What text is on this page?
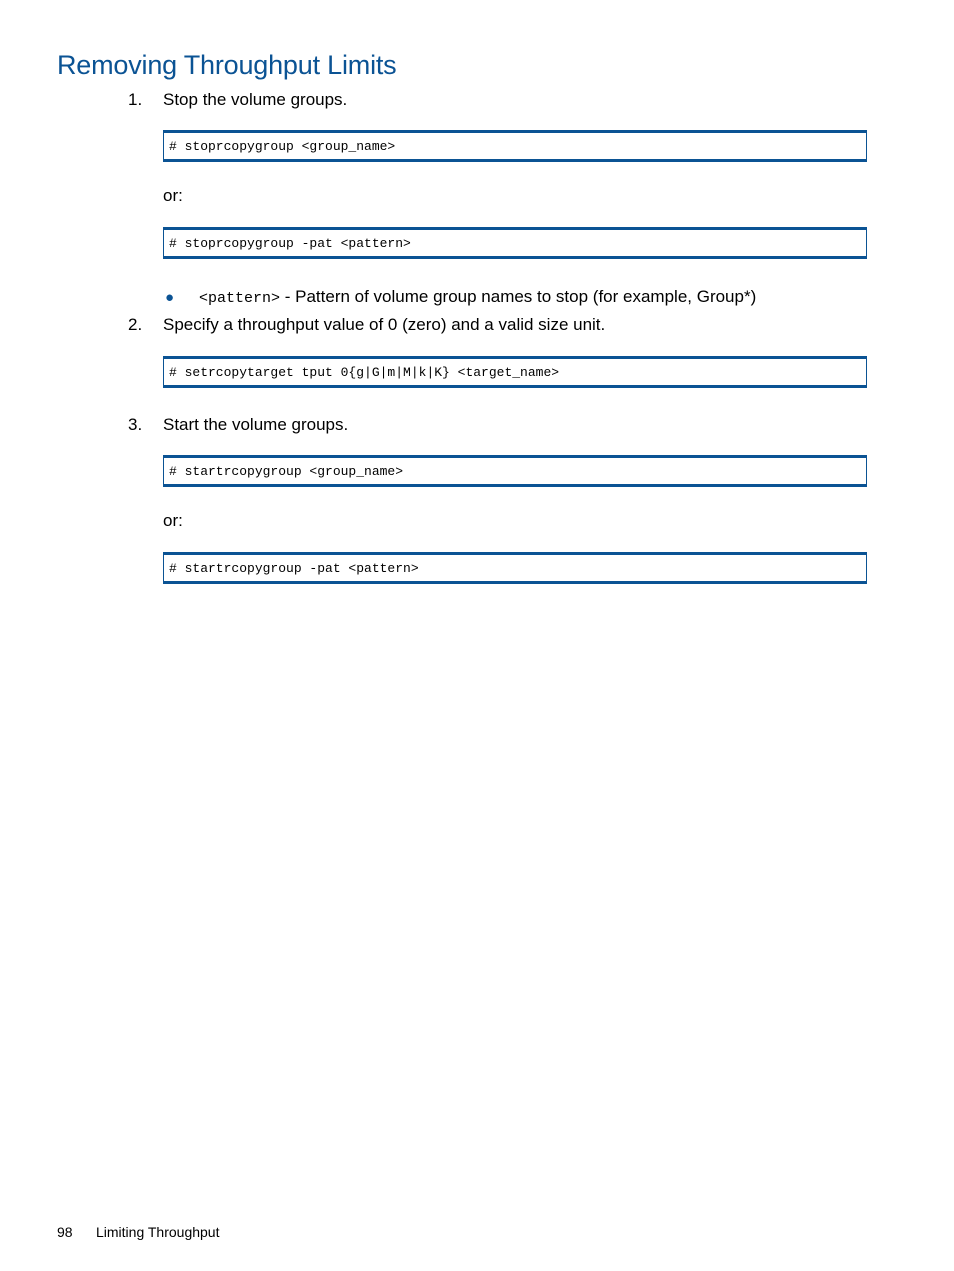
Removing Throughput Limits
1. Stop the volume groups.
# stoprcopygroup <group_name>
or:
# stoprcopygroup -pat <pattern>
● <pattern> - Pattern of volume group names to stop (for example, Group*)
2. Specify a throughput value of 0 (zero) and a valid size unit.
# setrcopytarget tput 0{g|G|m|M|k|K} <target_name>
3. Start the volume groups.
# startrcopygroup <group_name>
or:
# startrcopygroup -pat <pattern>
98 Limiting Throughput
